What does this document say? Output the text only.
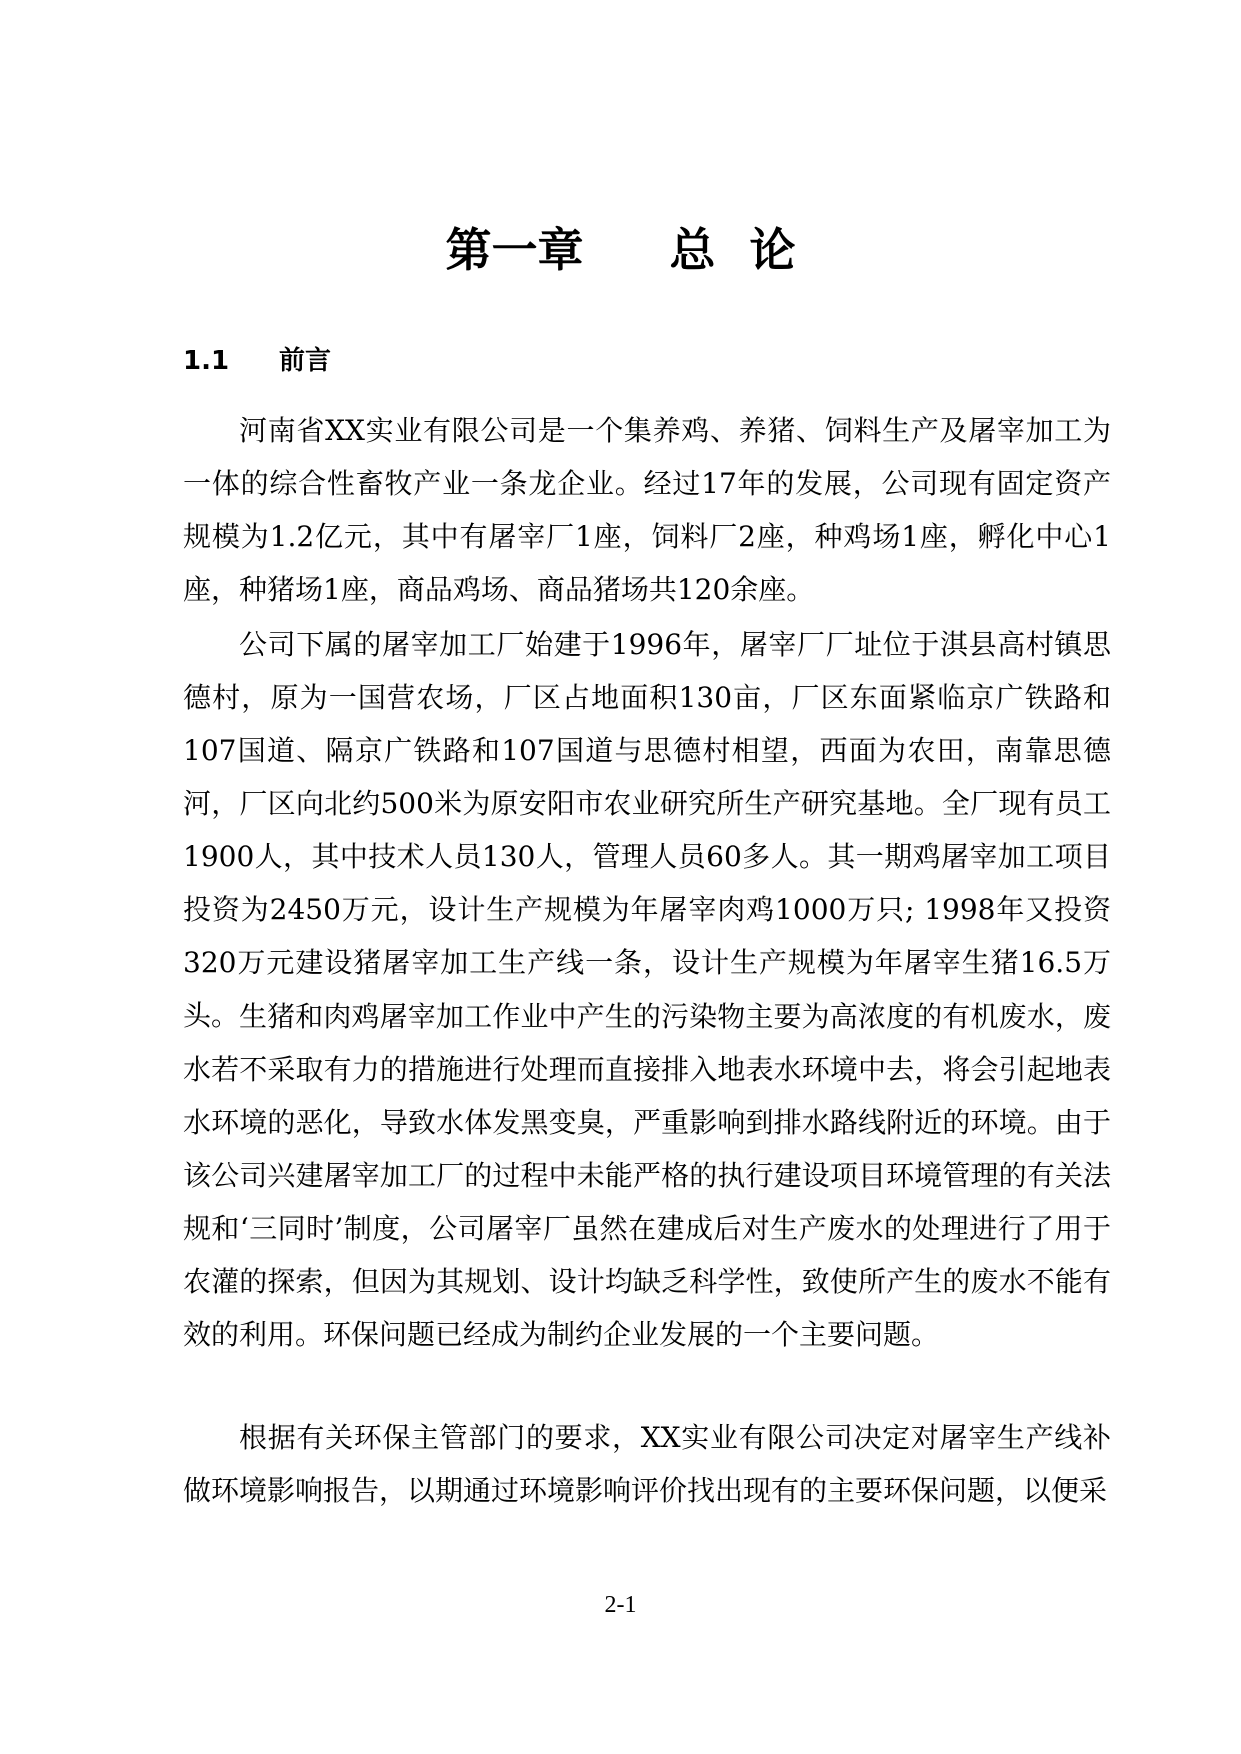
第一章 总 论
1.1 前言

河南省XX实业有限公司是一个集养鸡、养猪、饲料生产及屠宰加工为一体的综合性畜牧产业一条龙企业。经过17年的发展，公司现有固定资产规模为1.2亿元，其中有屠宰厂1座，饲料厂2座，种鸡场1座，孵化中心1座，种猪场1座，商品鸡场、商品猪场共120余座。

公司下属的屠宰加工厂始建于1996年，屠宰厂厂址位于淇县高村镇思德村，原为一国营农场，厂区占地面积130亩，厂区东面紧临京广铁路和107国道、隔京广铁路和107国道与思德村相望，西面为农田，南靠思德河，厂区向北约500米为原安阳市农业研究所生产研究基地。全厂现有员工1900人，其中技术人员130人，管理人员60多人。其一期鸡屠宰加工项目投资为2450万元，设计生产规模为年屠宰肉鸡1000万只; 1998年又投资320万元建设猪屠宰加工生产线一条，设计生产规模为年屠宰生猪16.5万头。 生猪和肉鸡屠宰加工作业中产生的污染物主要为高浓度的有机废水，废水若不采取有力的措施进行处理而直接排入地表水环境中去，将会引起地表水环境的恶化，导致水体发黑变臭，严重影响到排水路线附近的环境。由于该公司兴建屠宰加工厂的过程中未能严格的执行建设项目环境管理的有关法规和‘三同时’制度，公司屠宰厂虽然在建成后对生产废水的处理进行了用于农灌的探索，但因为其规划、设计均缺乏科学性，致使所产生的废水不能有效的利用。环保问题已经成为制约企业发展的一个主要问题。

根据有关环保主管部门的要求，XX实业有限公司决定对屠宰生产线补做环境影响报告，以期通过环境影响评价找出现有的主要环保问题，以便采

2-1
